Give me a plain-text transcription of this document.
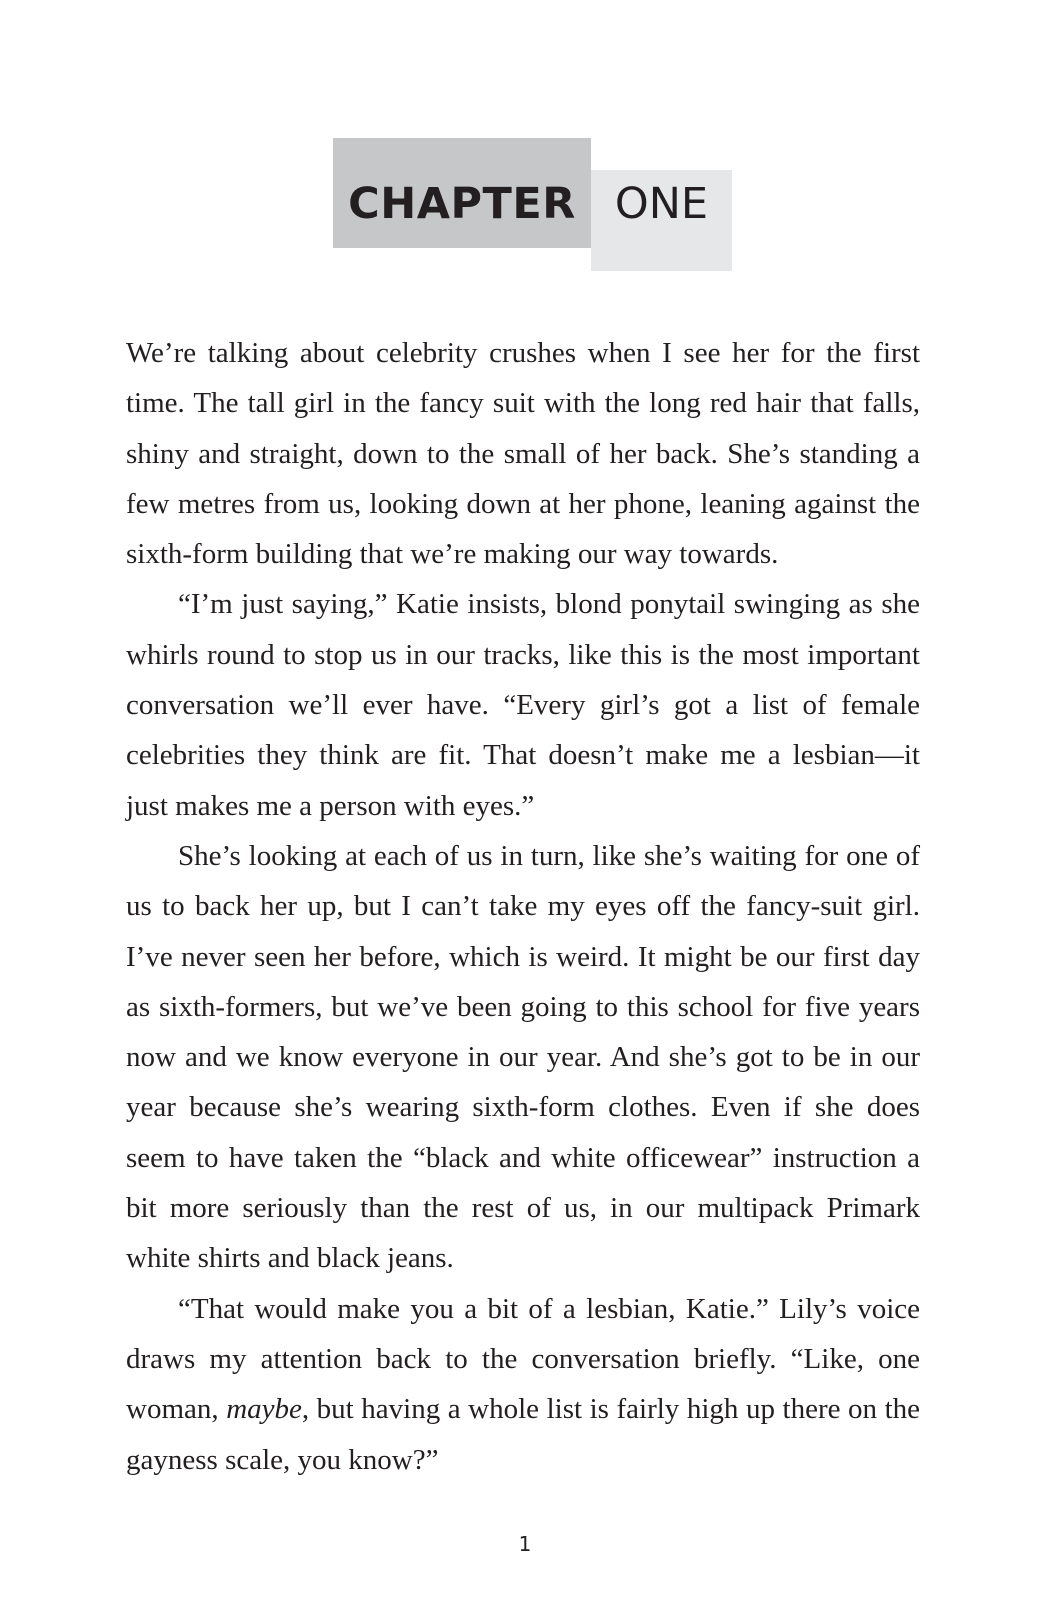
CHAPTER ONE

We’re talking about celebrity crushes when I see her for the first time. The tall girl in the fancy suit with the long red hair that falls, shiny and straight, down to the small of her back. She’s standing a few metres from us, looking down at her phone, leaning against the sixth-form building that we’re making our way towards.

“I’m just saying,” Katie insists, blond ponytail swinging as she whirls round to stop us in our tracks, like this is the most important conversation we’ll ever have. “Every girl’s got a list of female celebrities they think are fit. That doesn’t make me a lesbian—it just makes me a person with eyes.”

She’s looking at each of us in turn, like she’s waiting for one of us to back her up, but I can’t take my eyes off the fancy-suit girl. I’ve never seen her before, which is weird. It might be our first day as sixth-formers, but we’ve been going to this school for five years now and we know everyone in our year. And she’s got to be in our year because she’s wearing sixth-form clothes. Even if she does seem to have taken the “black and white officewear” instruction a bit more seriously than the rest of us, in our multipack Primark white shirts and black jeans.

“That would make you a bit of a lesbian, Katie.” Lily’s voice draws my attention back to the conversation briefly. “Like, one woman, maybe, but having a whole list is fairly high up there on the gayness scale, you know?”

1
